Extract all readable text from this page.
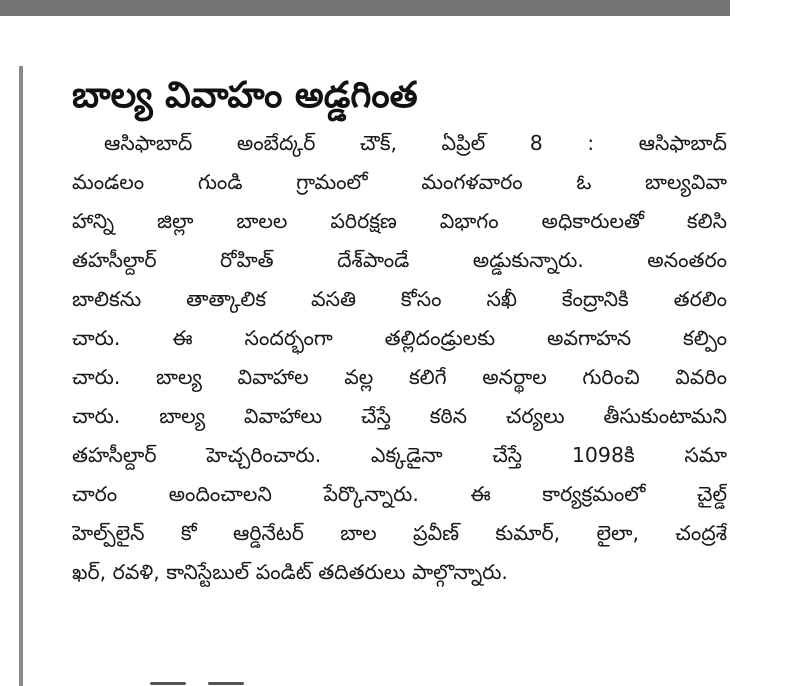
బాల్య వివాహం అడ్డగింత
ఆసిఫాబాద్ అంబేద్కర్ చౌక్, ఏప్రిల్ 8 : ఆసిఫాబాద్
మండలం గుండి గ్రామంలో మంగళవారం ఓ బాల్యవివా
హాన్ని జిల్లా బాలల పరిరక్షణ విభాగం అధికారులతో కలిసి
తహసీల్దార్ రోహిత్ దేశ్‌పాండే అడ్డుకున్నారు. అనంతరం
బాలికను తాత్కాలిక వసతి కోసం సఖీ కేంద్రానికి తరలిం
చారు. ఈ సందర్భంగా తల్లిదండ్రులకు అవగాహన కల్పిం
చారు. బాల్య వివాహాల వల్ల కలిగే అనర్థాల గురించి వివరిం
చారు. బాల్య వివాహాలు చేస్తే కఠిన చర్యలు తీసుకుంటామని
తహసీల్దార్ హెచ్చరించారు. ఎక్కడైనా చేస్తే 1098కి సమా
చారం అందించాలని పేర్కొన్నారు. ఈ కార్యక్రమంలో చైల్డ్
హెల్ప్‌లైన్ కో ఆర్డినేటర్ బాల ప్రవీణ్ కుమార్, లైలా, చంద్రశే
ఖర్, రవళి, కానిస్టేబుల్ పండిట్ తదితరులు పాల్గొన్నారు.
